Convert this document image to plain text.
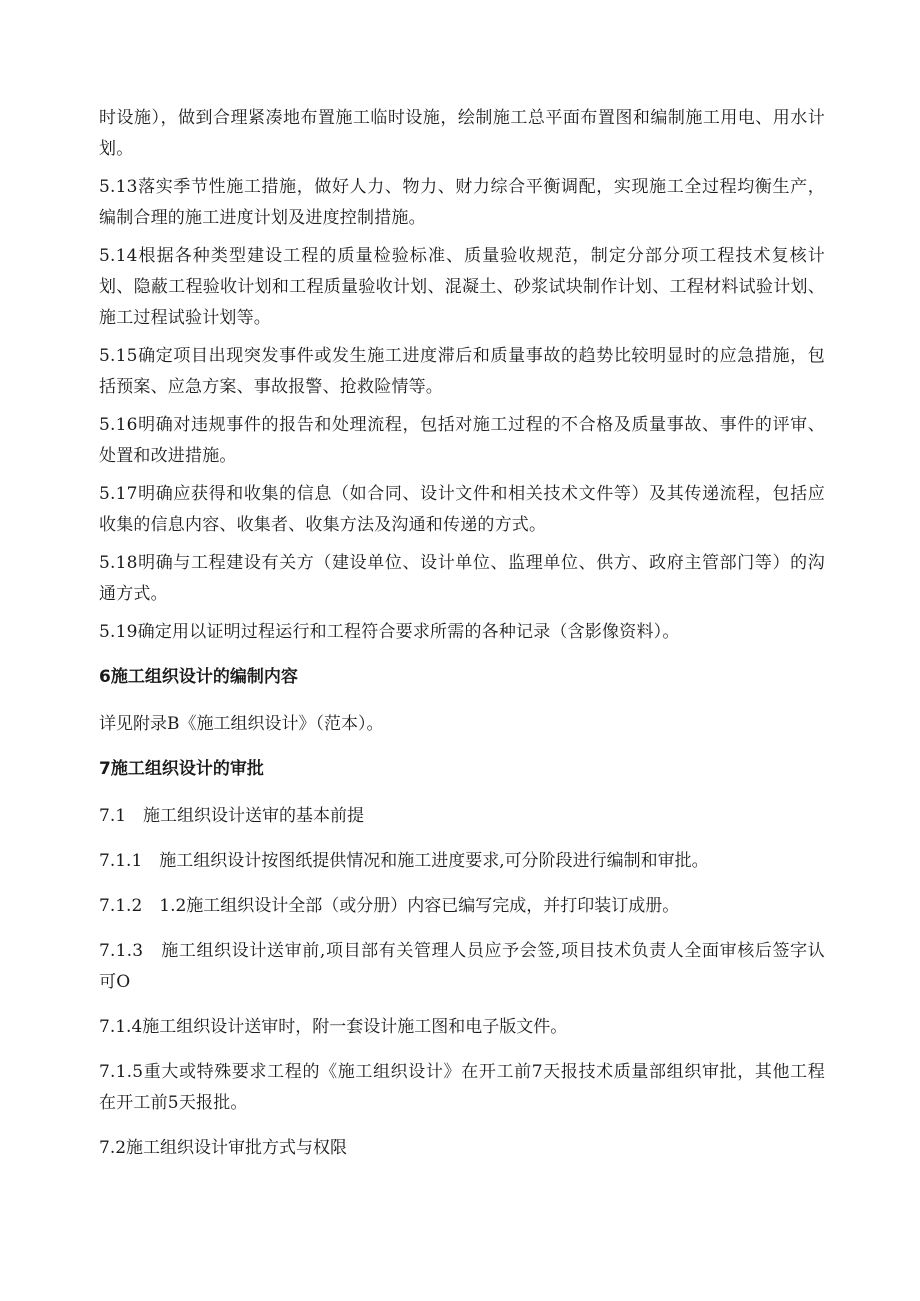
时设施），做到合理紧凑地布置施工临时设施，绘制施工总平面布置图和编制施工用电、用水计划。

5.13落实季节性施工措施，做好人力、物力、财力综合平衡调配，实现施工全过程均衡生产，编制合理的施工进度计划及进度控制措施。

5.14根据各种类型建设工程的质量检验标准、质量验收规范，制定分部分项工程技术复核计划、隐蔽工程验收计划和工程质量验收计划、混凝土、砂浆试块制作计划、工程材料试验计划、施工过程试验计划等。

5.15确定项目出现突发事件或发生施工进度滞后和质量事故的趋势比较明显时的应急措施，包括预案、应急方案、事故报警、抢救险情等。

5.16明确对违规事件的报告和处理流程，包括对施工过程的不合格及质量事故、事件的评审、处置和改进措施。

5.17明确应获得和收集的信息（如合同、设计文件和相关技术文件等）及其传递流程，包括应收集的信息内容、收集者、收集方法及沟通和传递的方式。

5.18明确与工程建设有关方（建设单位、设计单位、监理单位、供方、政府主管部门等）的沟通方式。

5.19确定用以证明过程运行和工程符合要求所需的各种记录（含影像资料）。

6施工组织设计的编制内容

详见附录B《施工组织设计》（范本）。

7施工组织设计的审批

7.1　施工组织设计送审的基本前提

7.1.1　施工组织设计按图纸提供情况和施工进度要求,可分阶段进行编制和审批。

7.1.2　1.2施工组织设计全部（或分册）内容已编写完成，并打印装订成册。

7.1.3　施工组织设计送审前,项目部有关管理人员应予会签,项目技术负责人全面审核后签字认可O

7.1.4施工组织设计送审时，附一套设计施工图和电子版文件。

7.1.5重大或特殊要求工程的《施工组织设计》在开工前7天报技术质量部组织审批，其他工程在开工前5天报批。

7.2施工组织设计审批方式与权限
